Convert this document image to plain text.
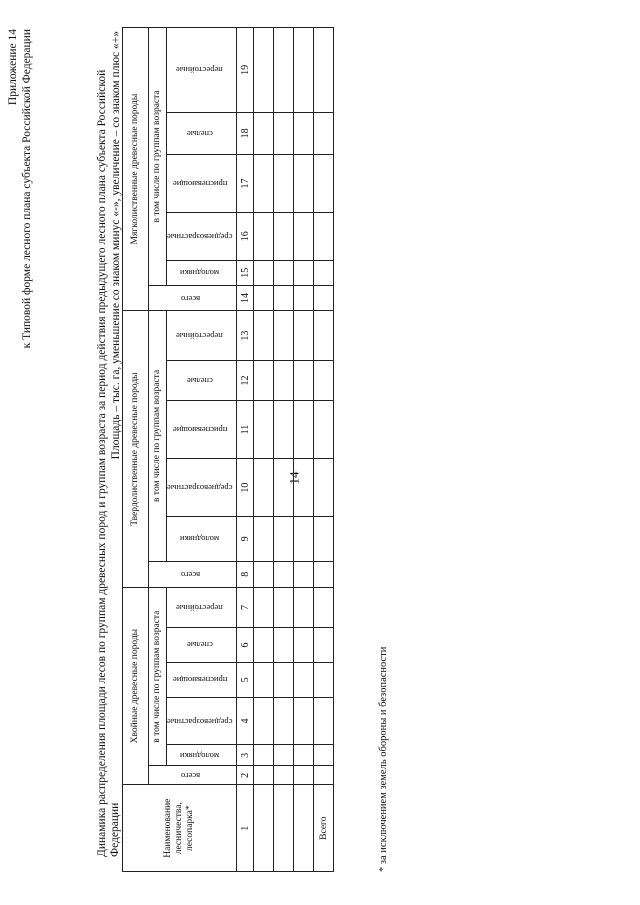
14
Приложение 14 к Типовой форме лесного плана субъекта Российской Федерации	Динамика распределения площади лесов по группам древесных пород и группам возраста за период действия предыдущего лесного плана субъекта Российской Федерации
Площадь – тыс. га, уменьшение со знаком минус «-», увеличение – со знаком плюс «+»
Наименование лесничества, лесопарка*	Хвойные древесные породы						Твердолиственные древесные породы						Мягколиственные древесные породы					
	всего	в том числе по группам возраста					всего	в том числе по группам возраста					всего	в том числе по группам возраста				
		молодняки	средневозрастные	приспевающие	спелые	перестойные		молодняки	средневозрастные	приспевающие	спелые	перестойные		молодняки	средневозрастные	приспевающие	спелые	перестойные
1	2	3	4	5	6	7	8	9	10	11	12	13	14	15	16	17	18	19

Всего																			* за исключением земель обороны и безопасности
